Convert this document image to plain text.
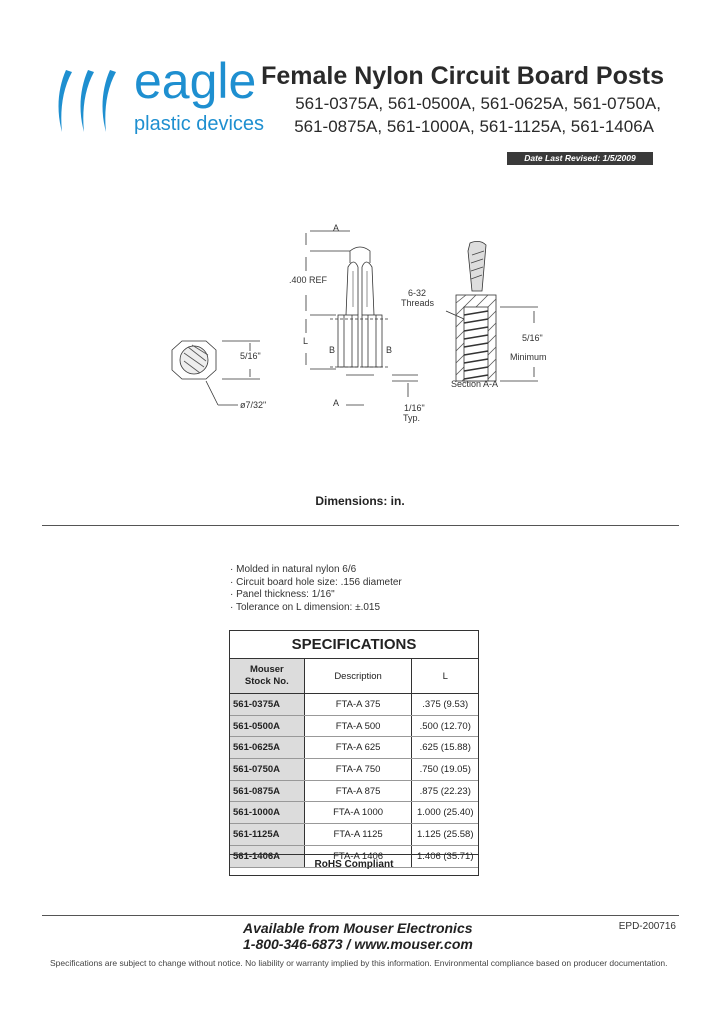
eagle
plastic devices
Female Nylon Circuit Board Posts
561-0375A, 561-0500A, 561-0625A, 561-0750A,
561-0875A, 561-1000A, 561-1125A, 561-1406A
Date Last Revised: 1/5/2009
A
A
.400 REF
L
B	B
5/16"
ø7/32"
6-32
Threads
5/16"
Minimum
Section A-A
1/16"
Typ.
Dimensions: in.
· Molded in natural nylon 6/6
· Circuit board hole size: .156 diameter
· Panel thickness: 1/16"
· Tolerance on L dimension: ±.015
SPECIFICATIONS
Mouser
Stock No.	Description	L
561-0375A	FTA-A 375	.375 (9.53)
561-0500A	FTA-A 500	.500 (12.70)
561-0625A	FTA-A 625	.625 (15.88)
561-0750A	FTA-A 750	.750 (19.05)
561-0875A	FTA-A 875	.875 (22.23)
561-1000A	FTA-A 1000	1.000 (25.40)
561-1125A	FTA-A 1125	1.125 (25.58)
561-1406A	FTA-A 1406	1.406 (35.71)
RoHS Compliant
Available from Mouser Electronics
1-800-346-6873 / www.mouser.com
EPD-200716
Specifications are subject to change without notice. No liability or warranty implied by this information. Environmental compliance based on producer documentation.
